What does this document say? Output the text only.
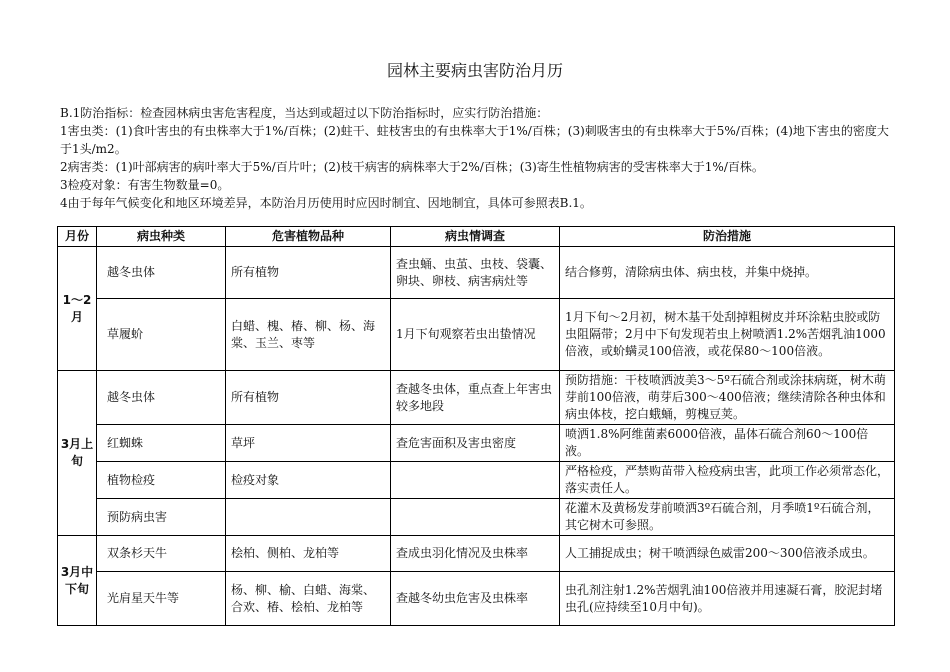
园林主要病虫害防治月历

B.1防治指标：检查园林病虫害危害程度，当达到或超过以下防治指标时，应实行防治措施：

1害虫类：(1)食叶害虫的有虫株率大于1%/百株；(2)蛀干、蛀枝害虫的有虫株率大于1%/百株；(3)刺吸害虫的有虫株率大于5%/百株；(4)地下害虫的密度大于1头/m2。

2病害类：(1)叶部病害的病叶率大于5%/百片叶；(2)枝干病害的病株率大于2%/百株；(3)寄生性植物病害的受害株率大于1%/百株。

3检疫对象：有害生物数量=0。

4由于每年气候变化和地区环境差异，本防治月历使用时应因时制宜、因地制宜，具体可参照表B.1。

月份	病虫种类	危害植物品种	病虫情调查	防治措施
1～2月	越冬虫体	所有植物	查虫蛹、虫茧、虫枝、袋囊、卵块、卵枝、病害病灶等	结合修剪，清除病虫体、病虫枝，并集中烧掉。
	草履蚧	白蜡、槐、椿、柳、杨、海棠、玉兰、枣等	1月下旬观察若虫出蛰情况	1月下旬～2月初，树木基干处刮掉粗树皮并环涂粘虫胶或防虫阻隔带；2月中下旬发现若虫上树喷洒1.2%苦烟乳油1000倍液，或蚧螨灵100倍液，或花保80～100倍液。
3月上旬	越冬虫体	所有植物	查越冬虫体，重点查上年害虫较多地段	预防措施：干枝喷洒波美3～5º石硫合剂或涂抹病斑，树木萌芽前100倍液，萌芽后300～400倍液；继续清除各种虫体和病虫体枝，挖白蛾蛹，剪槐豆荚。
	红蜘蛛	草坪	查危害面积及害虫密度	喷洒1.8%阿维菌素6000倍液，晶体石硫合剂60～100倍液。
	植物检疫	检疫对象		严格检疫，严禁购苗带入检疫病虫害，此项工作必须常态化，落实责任人。
	预防病虫害			花灌木及黄杨发芽前喷洒3º石硫合剂，月季喷1º石硫合剂，其它树木可参照。
3月中下旬	双条杉天牛	桧柏、侧柏、龙柏等	查成虫羽化情况及虫株率	人工捕捉成虫；树干喷洒绿色威雷200～300倍液杀成虫。
	光肩星天牛等	杨、柳、榆、白蜡、海棠、合欢、椿、桧柏、龙柏等	查越冬幼虫危害及虫株率	虫孔剂注射1.2%苦烟乳油100倍液并用速凝石膏，胶泥封堵虫孔(应持续至10月中旬)。
